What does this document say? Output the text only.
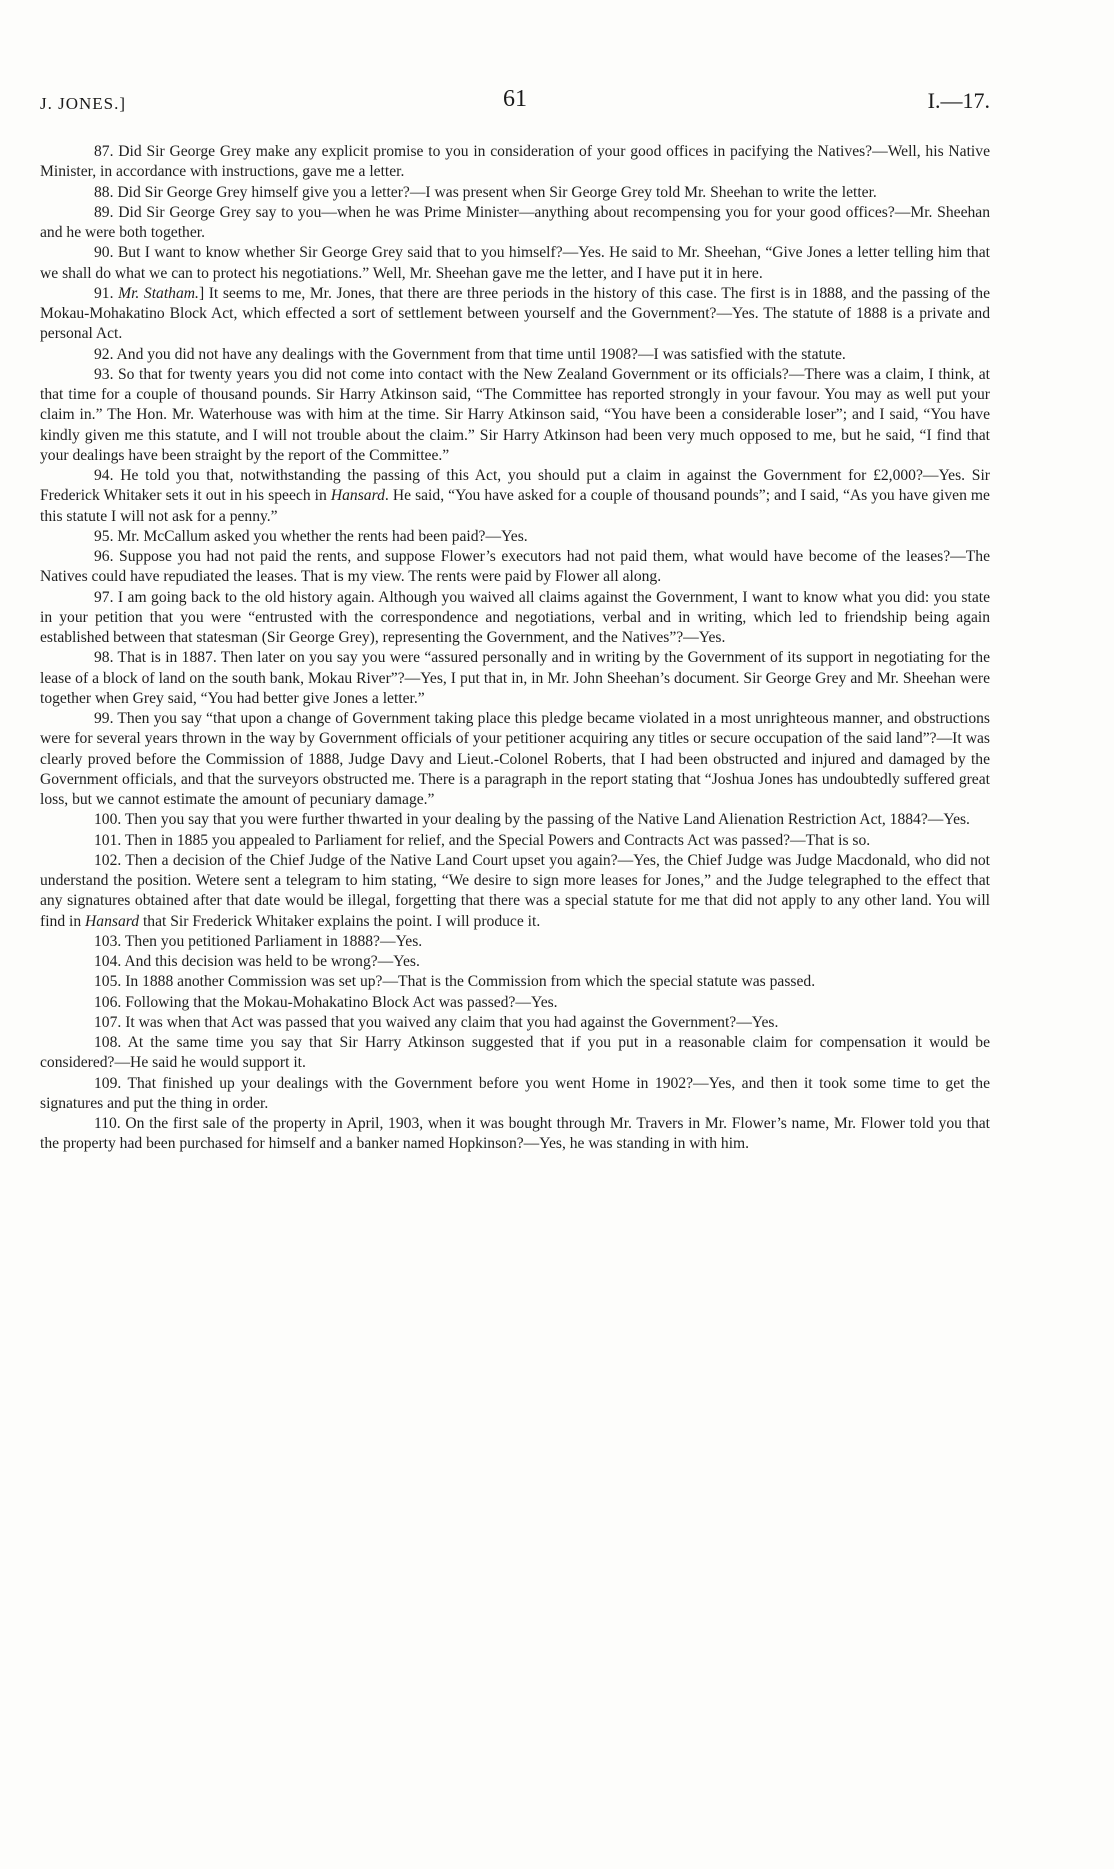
J. JONES.]	61	I.—17.

87. Did Sir George Grey make any explicit promise to you in consideration of your good offices in pacifying the Natives?—Well, his Native Minister, in accordance with instructions, gave me a letter.

88. Did Sir George Grey himself give you a letter?—I was present when Sir George Grey told Mr. Sheehan to write the letter.

89. Did Sir George Grey say to you—when he was Prime Minister—anything about recompensing you for your good offices?—Mr. Sheehan and he were both together.

90. But I want to know whether Sir George Grey said that to you himself?—Yes. He said to Mr. Sheehan, “Give Jones a letter telling him that we shall do what we can to protect his negotiations.” Well, Mr. Sheehan gave me the letter, and I have put it in here.

91. Mr. Statham.] It seems to me, Mr. Jones, that there are three periods in the history of this case. The first is in 1888, and the passing of the Mokau-Mohakatino Block Act, which effected a sort of settlement between yourself and the Government?—Yes. The statute of 1888 is a private and personal Act.

92. And you did not have any dealings with the Government from that time until 1908?—I was satisfied with the statute.

93. So that for twenty years you did not come into contact with the New Zealand Government or its officials?—There was a claim, I think, at that time for a couple of thousand pounds. Sir Harry Atkinson said, “The Committee has reported strongly in your favour. You may as well put your claim in.” The Hon. Mr. Waterhouse was with him at the time. Sir Harry Atkinson said, “You have been a considerable loser”; and I said, “You have kindly given me this statute, and I will not trouble about the claim.” Sir Harry Atkinson had been very much opposed to me, but he said, “I find that your dealings have been straight by the report of the Committee.”

94. He told you that, notwithstanding the passing of this Act, you should put a claim in against the Government for £2,000?—Yes. Sir Frederick Whitaker sets it out in his speech in Hansard. He said, “You have asked for a couple of thousand pounds”; and I said, “As you have given me this statute I will not ask for a penny.”

95. Mr. McCallum asked you whether the rents had been paid?—Yes.

96. Suppose you had not paid the rents, and suppose Flower’s executors had not paid them, what would have become of the leases?—The Natives could have repudiated the leases. That is my view. The rents were paid by Flower all along.

97. I am going back to the old history again. Although you waived all claims against the Government, I want to know what you did: you state in your petition that you were “entrusted with the correspondence and negotiations, verbal and in writing, which led to friendship being again established between that statesman (Sir George Grey), representing the Government, and the Natives”?—Yes.

98. That is in 1887. Then later on you say you were “assured personally and in writing by the Government of its support in negotiating for the lease of a block of land on the south bank, Mokau River”?—Yes, I put that in, in Mr. John Sheehan’s document. Sir George Grey and Mr. Sheehan were together when Grey said, “You had better give Jones a letter.”

99. Then you say “that upon a change of Government taking place this pledge became violated in a most unrighteous manner, and obstructions were for several years thrown in the way by Government officials of your petitioner acquiring any titles or secure occupation of the said land”?—It was clearly proved before the Commission of 1888, Judge Davy and Lieut.-Colonel Roberts, that I had been obstructed and injured and damaged by the Government officials, and that the surveyors obstructed me. There is a paragraph in the report stating that “Joshua Jones has undoubtedly suffered great loss, but we cannot estimate the amount of pecuniary damage.”

100. Then you say that you were further thwarted in your dealing by the passing of the Native Land Alienation Restriction Act, 1884?—Yes.

101. Then in 1885 you appealed to Parliament for relief, and the Special Powers and Contracts Act was passed?—That is so.

102. Then a decision of the Chief Judge of the Native Land Court upset you again?—Yes, the Chief Judge was Judge Macdonald, who did not understand the position. Wetere sent a telegram to him stating, “We desire to sign more leases for Jones,” and the Judge telegraphed to the effect that any signatures obtained after that date would be illegal, forgetting that there was a special statute for me that did not apply to any other land. You will find in Hansard that Sir Frederick Whitaker explains the point. I will produce it.

103. Then you petitioned Parliament in 1888?—Yes.

104. And this decision was held to be wrong?—Yes.

105. In 1888 another Commission was set up?—That is the Commission from which the special statute was passed.

106. Following that the Mokau-Mohakatino Block Act was passed?—Yes.

107. It was when that Act was passed that you waived any claim that you had against the Government?—Yes.

108. At the same time you say that Sir Harry Atkinson suggested that if you put in a reasonable claim for compensation it would be considered?—He said he would support it.

109. That finished up your dealings with the Government before you went Home in 1902?—Yes, and then it took some time to get the signatures and put the thing in order.

110. On the first sale of the property in April, 1903, when it was bought through Mr. Travers in Mr. Flower’s name, Mr. Flower told you that the property had been purchased for himself and a banker named Hopkinson?—Yes, he was standing in with him.
